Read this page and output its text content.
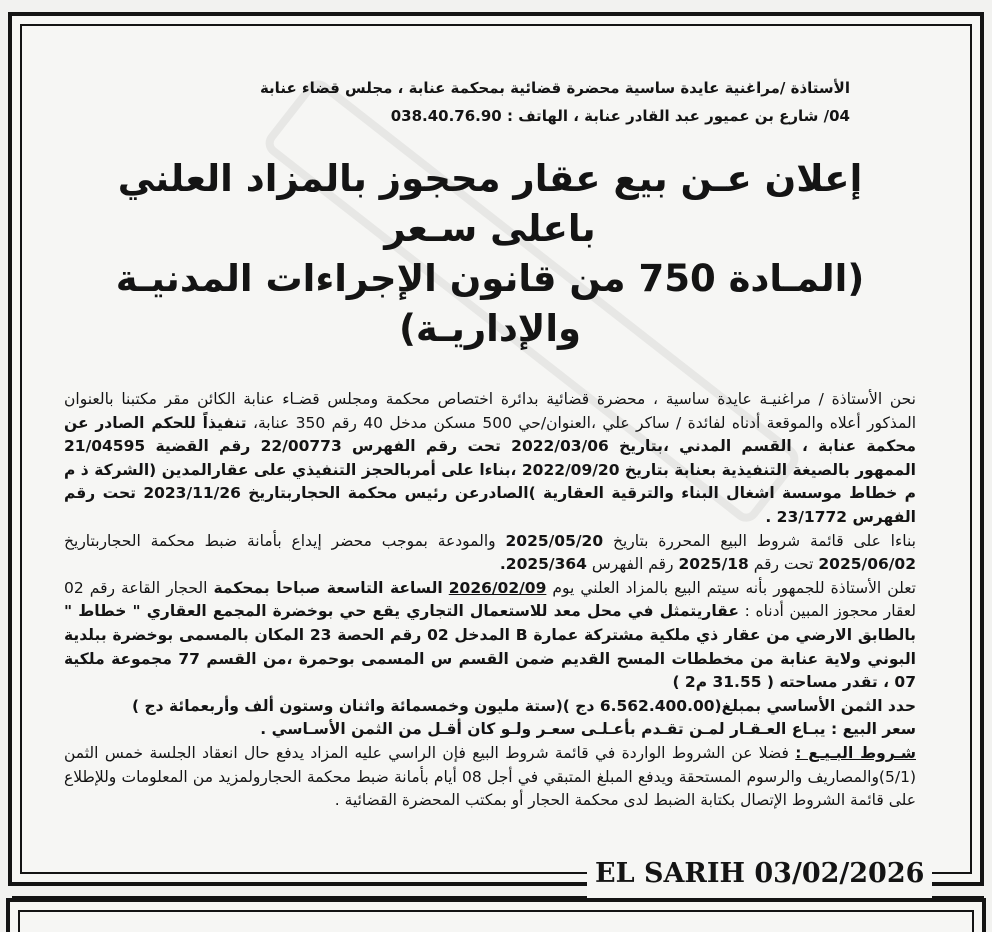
الأستاذة /مراغنية عايدة ساسية محضرة قضائية بمحكمة عنابة ، مجلس قضاء عنابة
04/ شارع بن عميور عبد القادر عنابة ، الهاتف : 038.40.76.90
إعلان عـن بيع عقار محجوز بالمزاد العلني باعلى سـعر
(المـادة 750 من قانون الإجراءات المدنيـة والإداريـة)

نحن الأستاذة / مراغنيـة عايدة ساسية ، محضرة قضائية بدائرة اختصاص محكمة ومجلس قضـاء عنابة الكائن مقر مكتبنا بالعنوان المذكور أعلاه والموقعة أدناه لفائدة / ساكر علي ،العنوان/حي 500 مسكن مدخل 40 رقم 350 عنابة، تنفيذاً للحكم الصادر عن محكمة عنابة ، القسم المدني ،بتاريخ 2022/03/06 تحت رقم الفهرس 22/00773 رقم القضية 21/04595 الممهور بالصيغة التنفيذية بعنابة بتاريخ 2022/09/20 ،بناءا على أمربالحجز التنفيذي على عقارالمدين (الشركة ذ م م خطاط موسسة اشغال البناء والترقية العقارية )الصادرعن رئيس محكمة الحجاربتاريخ 2023/11/26 تحت رقم الفهرس 23/1772 .

بناءا على قائمة شروط البيع المحررة بتاريخ 2025/05/20 والمودعة بموجب محضر إيداع بأمانة ضبط محكمة الحجاربتاريخ 2025/06/02 تحت رقم 2025/18 رقم الفهرس 2025/364.

تعلن الأستاذة للجمهور بأنه سيتم البيع بالمزاد العلني يوم 2026/02/09 الساعة التاسعة صباحا بمحكمة الحجار القاعة رقم 02 لعقار محجوز المبين أدناه : عقاريتمثل في محل معد للاستعمال التجاري يقع حي بوخضرة المجمع العقاري " خطاط " بالطابق الارضي من عقار ذي ملكية مشتركة عمارة B المدخل 02 رقم الحصة 23 المكان بالمسمى بوخضرة ببلدية البوني ولاية عنابة من مخططات المسح القديم ضمن القسم س المسمى بوحمرة ،من القسم 77 مجموعة ملكية 07 ، تقدر مساحته ( 31.55 م2 )

حدد الثمن الأساسي بمبلغ(6.562.400.00 دج )(ستة مليون وخمسمائة واثنان وستون ألف وأربعمائة دج )

سعر البيع : يبـاع العـقـار لمـن تقـدم بأعـلـى سعـر ولـو كان أقـل من الثمن الأسـاسي .

شـروط البـيـع : فضلا عن الشروط الواردة في قائمة شروط البيع فإن الراسي عليه المزاد يدفع حال انعقاد الجلسة خمس الثمن (5/1)والمصاريف والرسوم المستحقة ويدفع المبلغ المتبقي في أجل 08 أيام بأمانة ضبط محكمة الحجارولمزيد من المعلومات وللإطلاع على قائمة الشروط الإتصال بكتابة الضبط لدى محكمة الحجار أو بمكتب المحضرة القضائية .

EL SARIH 03/02/2026
